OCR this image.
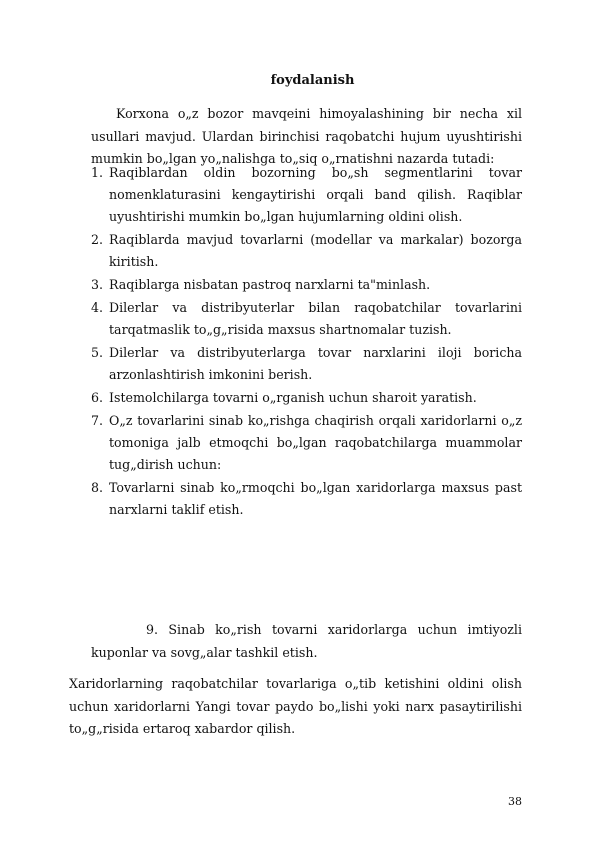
foydalanish
Korxona o„z bozor mavqeini himoyalashining bir necha xil usullari mavjud. Ulardan birinchisi raqobatchi hujum uyushtirishi mumkin bo„lgan yo„nalishga to„siq o„rnatishni nazarda tutadi:
1. Raqiblardan oldin bozorning bo„sh segmentlarini tovar nomenklaturasini kengaytirishi orqali band qilish. Raqiblar uyushtirishi mumkin bo„lgan hujumlarning oldini olish.
2. Raqiblarda mavjud tovarlarni (modellar va markalar) bozorga kiritish.
3. Raqiblarga nisbatan pastroq narxlarni ta"minlash.
4. Dilerlar va distribyuterlar bilan raqobatchilar tovarlarini tarqatmaslik to„g„risida maxsus shartnomalar tuzish.
5. Dilerlar va distribyuterlarga tovar narxlarini iloji boricha arzonlashtirish imkonini berish.
6. Istemolchilarga tovarni o„rganish uchun sharoit yaratish.
7. O„z tovarlarini sinab ko„rishga chaqirish orqali xaridorlarni o„z tomoniga jalb etmoqchi bo„lgan raqobatchilarga muammolar tug„dirish uchun:
8. Tovarlarni sinab ko„rmoqchi bo„lgan xaridorlarga maxsus past narxlarni taklif etish.
9. Sinab ko„rish tovarni xaridorlarga uchun imtiyozli
kuponlar va sovg„alar tashkil etish.
Xaridorlarning raqobatchilar tovarlariga o„tib ketishini oldini olish uchun xaridorlarni Yangi tovar paydo bo„lishi yoki narx pasaytirilishi to„g„risida ertaroq xabardor qilish.
38
